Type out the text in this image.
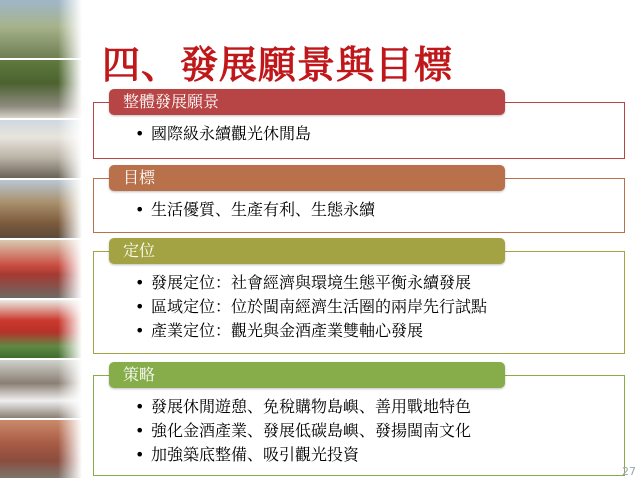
四、發展願景與目標
整體發展願景
• 國際級永續觀光休閒島
目標
• 生活優質、生產有利、生態永續
定位
• 發展定位：社會經濟與環境生態平衡永續發展
• 區域定位：位於閩南經濟生活圈的兩岸先行試點
• 產業定位：觀光與金酒產業雙軸心發展
策略
• 發展休閒遊憩、免稅購物島嶼、善用戰地特色
• 強化金酒產業、發展低碳島嶼、發揚閩南文化
• 加強築底整備、吸引觀光投資
27
